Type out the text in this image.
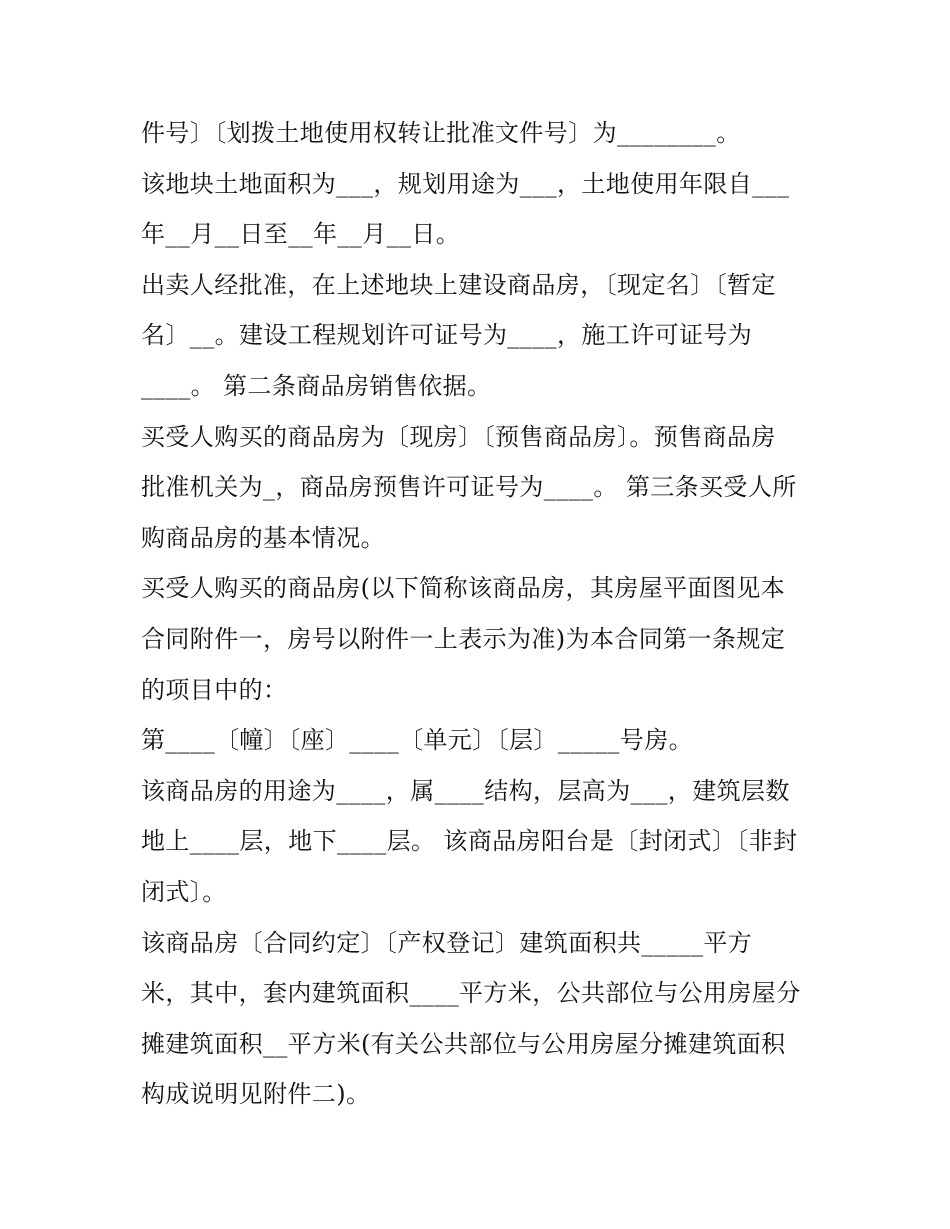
件号〕〔划拨土地使用权转让批准文件号〕为________。
该地块土地面积为___，规划用途为___，土地使用年限自___
年__月__日至__年__月__日。
出卖人经批准，在上述地块上建设商品房，〔现定名〕〔暂定
名〕__。建设工程规划许可证号为____，施工许可证号为
____。 第二条商品房销售依据。
买受人购买的商品房为〔现房〕〔预售商品房〕。预售商品房
批准机关为_，商品房预售许可证号为____。 第三条买受人所
购商品房的基本情况。
买受人购买的商品房(以下简称该商品房，其房屋平面图见本
合同附件一，房号以附件一上表示为准)为本合同第一条规定
的项目中的：
第____〔幢〕〔座〕____〔单元〕〔层〕_____号房。
该商品房的用途为____，属____结构，层高为___，建筑层数
地上____层，地下____层。 该商品房阳台是〔封闭式〕〔非封
闭式〕。
该商品房〔合同约定〕〔产权登记〕建筑面积共_____平方
米，其中，套内建筑面积____平方米，公共部位与公用房屋分
摊建筑面积__平方米(有关公共部位与公用房屋分摊建筑面积
构成说明见附件二)。
